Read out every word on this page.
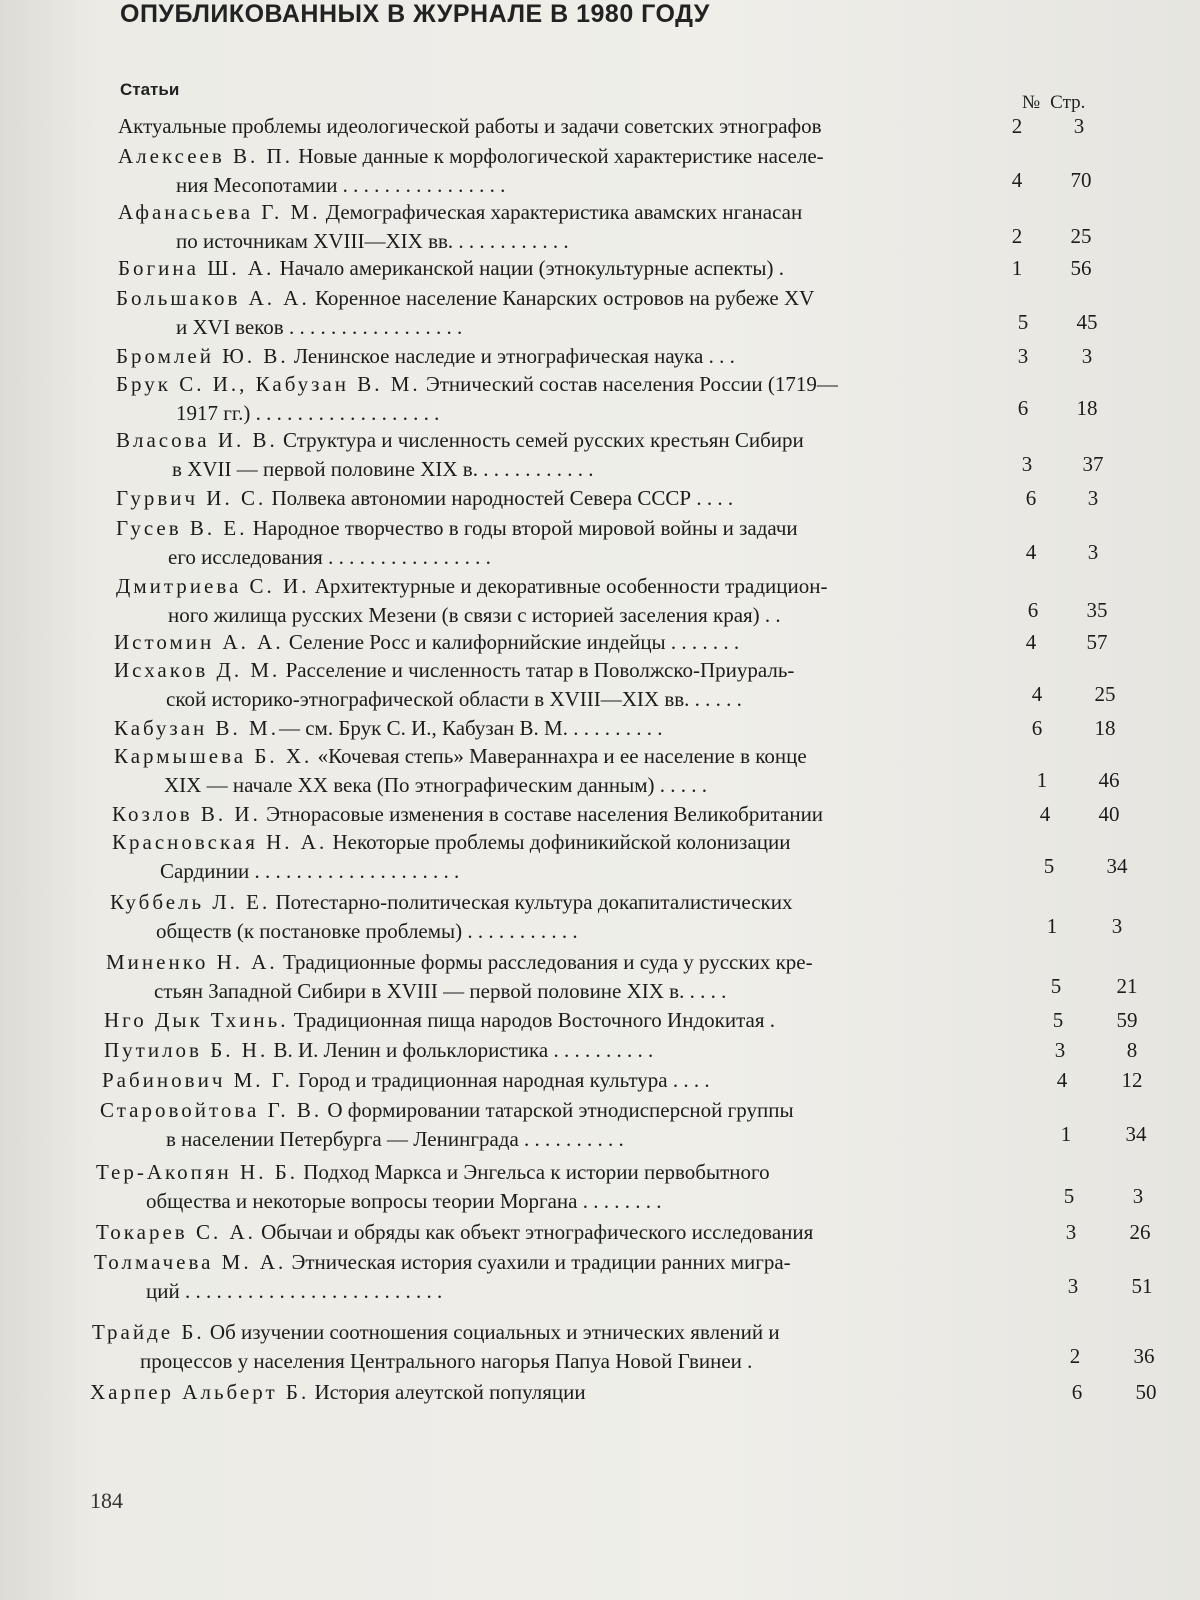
ОПУБЛИКОВАННЫХ В ЖУРНАЛЕ В 1980 ГОДУ
Статьи
№ Стр.
Актуальные проблемы идеологической работы и задачи советских этнографов	2	3
Алексеев В. П. Новые данные к морфологической характеристике населе-
ния Месопотамии . . . . . . . . . . . . . . . .	4	70
Афанасьева Г. М. Демографическая характеристика авамских нганасан
по источникам XVIII—XIX вв. . . . . . . . . . . .	2	25
Богина Ш. А. Начало американской нации (этнокультурные аспекты) .	1	56
Большаков А. А. Коренное население Канарских островов на рубеже XV
и XVI веков . . . . . . . . . . . . . . . . .	5	45
Бромлей Ю. В. Ленинское наследие и этнографическая наука . . .	3	3
Брук С. И., Кабузан В. М. Этнический состав населения России (1719—
1917 гг.) . . . . . . . . . . . . . . . . . .	6	18
Власова И. В. Структура и численность семей русских крестьян Сибири
в XVII — первой половине XIX в. . . . . . . . . . . .	3	37
Гурвич И. С. Полвека автономии народностей Севера СССР . . . .	6	3
Гусев В. Е. Народное творчество в годы второй мировой войны и задачи
его исследования . . . . . . . . . . . . . . . .	4	3
Дмитриева С. И. Архитектурные и декоративные особенности традицион-
ного жилища русских Мезени (в связи с историей заселения края) . .	6	35
Истомин А. А. Селение Росс и калифорнийские индейцы . . . . . . .	4	57
Исхаков Д. М. Расселение и численность татар в Поволжско-Приураль-
ской историко-этнографической области в XVIII—XIX вв. . . . . .	4	25
Кабузан В. М.— см. Брук С. И., Кабузан В. М. . . . . . . . . .	6	18
Кармышева Б. Х. «Кочевая степь» Мавераннахра и ее население в конце
XIX — начале XX века (По этнографическим данным) . . . . .	1	46
Козлов В. И. Этнорасовые изменения в составе населения Великобритании	4	40
Красновская Н. А. Некоторые проблемы дофиникийской колонизации
Сардинии . . . . . . . . . . . . . . . . . . . .	5	34
Куббель Л. Е. Потестарно-политическая культура докапиталистических
обществ (к постановке проблемы) . . . . . . . . . . .	1	3
Миненко Н. А. Традиционные формы расследования и суда у русских кре-
стьян Западной Сибири в XVIII — первой половине XIX в. . . . .	5	21
Нго Дык Тхинь. Традиционная пища народов Восточного Индокитая .	5	59
Путилов Б. Н. В. И. Ленин и фольклористика . . . . . . . . . .	3	8
Рабинович М. Г. Город и традиционная народная культура . . . .	4	12
Старовойтова Г. В. О формировании татарской этнодисперсной группы
в населении Петербурга — Ленинграда . . . . . . . . . .	1	34
Тер-Акопян Н. Б. Подход Маркса и Энгельса к истории первобытного
общества и некоторые вопросы теории Моргана . . . . . . . .	5	3
Токарев С. А. Обычаи и обряды как объект этнографического исследования	3	26
Толмачева М. А. Этническая история суахили и традиции ранних мигра-
ций . . . . . . . . . . . . . . . . . . . . . . . . .	3	51
Трайде Б. Об изучении соотношения социальных и этнических явлений и
процессов у населения Центрального нагорья Папуа Новой Гвинеи .	2	36
Харпер Альберт Б. История алеутской популяции	6	50
184
